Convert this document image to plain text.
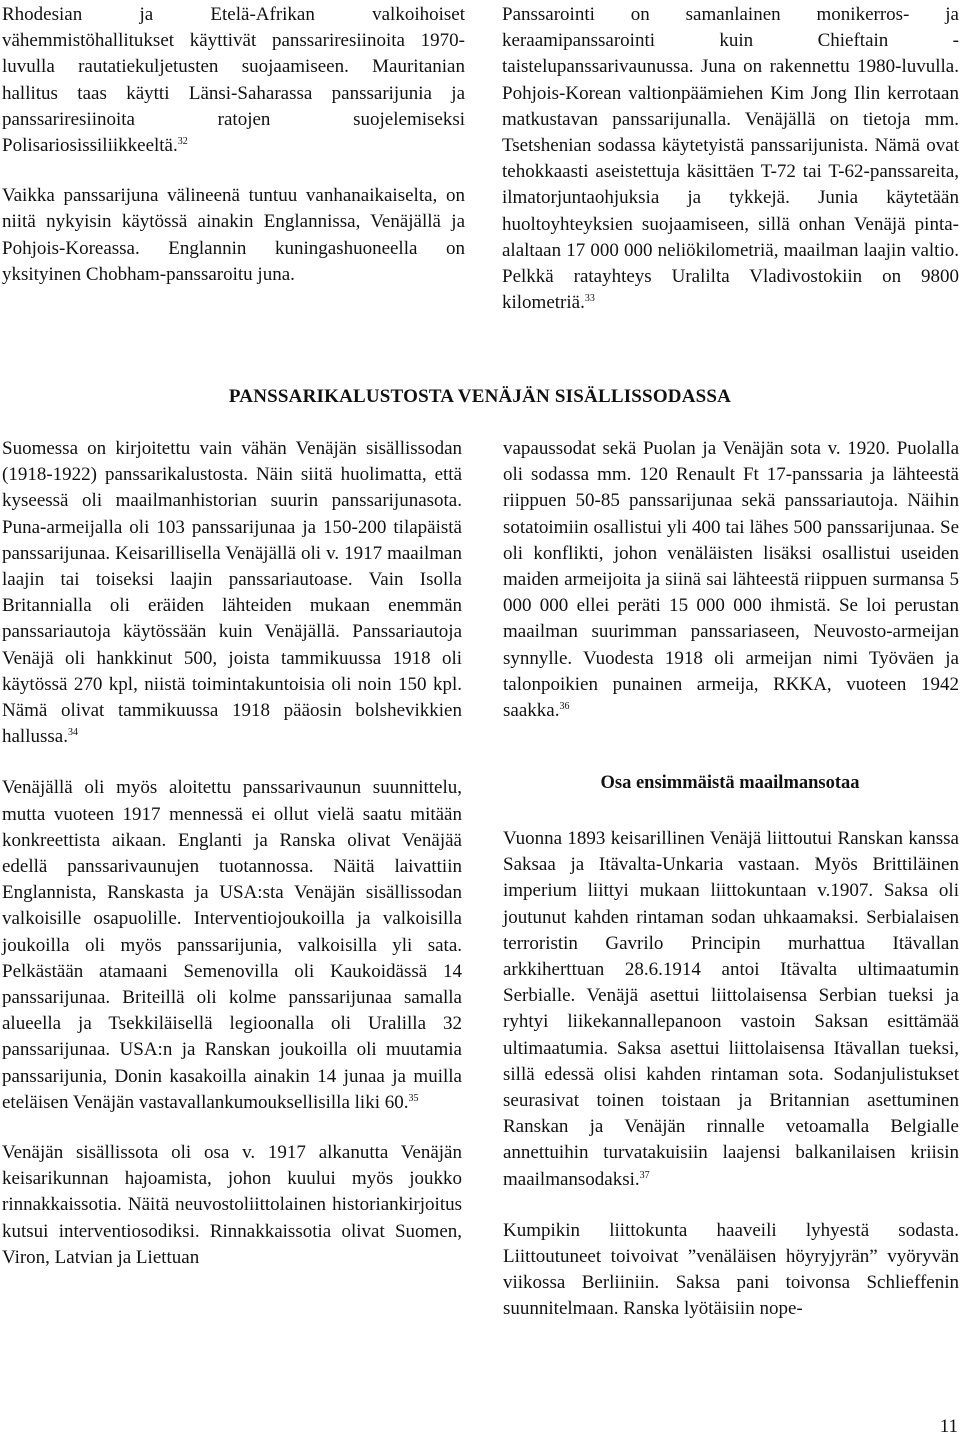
Rhodesian ja Etelä-Afrikan valkoihoiset vähemmistöhallitukset käyttivät panssariresiinoita 1970-luvulla rautatiekuljetusten suojaamiseen. Mauritanian hallitus taas käytti Länsi-Saharassa panssarijunia ja panssariresiinoita ratojen suojelemiseksi Polisariosissiliikkeeltä.$^{32}$

Vaikka panssarijuna välineenä tuntuu vanhanaikaiselta, on niitä nykyisin käytössä ainakin Englannissa, Venäjällä ja Pohjois-Koreassa. Englannin kuningashuoneella on yksityinen Chobham-panssaroitu juna.

Panssarointi on samanlainen monikerros- ja keraamipanssarointi kuin Chieftain - taistelupanssarivaunussa. Juna on rakennettu 1980-luvulla. Pohjois-Korean valtionpäämiehen Kim Jong Ilin kerrotaan matkustavan panssarijunalla. Venäjällä on tietoja mm. Tsetshenian sodassa käytetyistä panssarijunista. Nämä ovat tehokkaasti aseistettuja käsittäen T-72 tai T-62-panssareita, ilmatorjuntaohjuksia ja tykkejä. Junia käytetään huoltoyhteyksien suojaamiseen, sillä onhan Venäjä pinta-alaltaan 17 000 000 neliökilometriä, maailman laajin valtio. Pelkkä ratayhteys Uralilta Vladivostokiin on 9800 kilometriä.$^{33}$

PANSSARIKALUSTOSTA VENÄJÄN SISÄLLISSODASSA

Suomessa on kirjoitettu vain vähän Venäjän sisällissodan (1918-1922) panssarikalustosta. Näin siitä huolimatta, että kyseessä oli maailmanhistorian suurin panssarijunasota. Puna-armeijalla oli 103 panssarijunaa ja 150-200 tilapäistä panssarijunaa. Keisarillisella Venäjällä oli v. 1917 maailman laajin tai toiseksi laajin panssariautoase. Vain Isolla Britannialla oli eräiden lähteiden mukaan enemmän panssariautoja käytössään kuin Venäjällä. Panssariautoja Venäjä oli hankkinut 500, joista tammikuussa 1918 oli käytössä 270 kpl, niistä toimintakuntoisia oli noin 150 kpl. Nämä olivat tammikuussa 1918 pääosin bolshevikkien hallussa.$^{34}$

Venäjällä oli myös aloitettu panssarivaunun suunnittelu, mutta vuoteen 1917 mennessä ei ollut vielä saatu mitään konkreettista aikaan. Englanti ja Ranska olivat Venäjää edellä panssarivaunujen tuotannossa. Näitä laivattiin Englannista, Ranskasta ja USA:sta Venäjän sisällissodan valkoisille osapuolille. Interventiojoukoilla ja valkoisilla joukoilla oli myös panssarijunia, valkoisilla yli sata. Pelkästään atamaani Semenovilla oli Kaukoidässä 14 panssarijunaa. Briteillä oli kolme panssarijunaa samalla alueella ja Tsekkiläisellä legioonalla oli Uralilla 32 panssarijunaa. USA:n ja Ranskan joukoilla oli muutamia panssarijunia, Donin kasakoilla ainakin 14 junaa ja muilla eteläisen Venäjän vastavallankumouksellisilla liki 60.35

Venäjän sisällissota oli osa v. 1917 alkanutta Venäjän keisarikunnan hajoamista, johon kuului myös joukko rinnakkaissotia. Näitä neuvostoliittolainen historiankirjoitus kutsui interventiosodiksi. Rinnakkaissotia olivat Suomen, Viron, Latvian ja Liettuan

vapaussodat sekä Puolan ja Venäjän sota v. 1920. Puolalla oli sodassa mm. 120 Renault Ft 17-panssaria ja lähteestä riippuen 50-85 panssarijunaa sekä panssariautoja. Näihin sotatoimiin osallistui yli 400 tai lähes 500 panssarijunaa. Se oli konflikti, johon venäläisten lisäksi osallistui useiden maiden armeijoita ja siinä sai lähteestä riippuen surmansa 5 000 000 ellei peräti 15 000 000 ihmistä. Se loi perustan maailman suurimman panssariaseen, Neuvosto-armeijan synnylle. Vuodesta 1918 oli armeijan nimi Työväen ja talonpoikien punainen armeija, RKKA, vuoteen 1942 saakka.$^{36}$

Osa ensimmäistä maailmansotaa

Vuonna 1893 keisarillinen Venäjä liittoutui Ranskan kanssa Saksaa ja Itävalta-Unkaria vastaan. Myös Brittiläinen imperium liittyi mukaan liittokuntaan v.1907. Saksa oli joutunut kahden rintaman sodan uhkaamaksi. Serbialaisen terroristin Gavrilo Principin murhattua Itävallan arkkiherttuan 28.6.1914 antoi Itävalta ultimaatumin Serbialle. Venäjä asettui liittolaisensa Serbian tueksi ja ryhtyi liikekannallepanoon vastoin Saksan esittämää ultimaatumia. Saksa asettui liittolaisensa Itävallan tueksi, sillä edessä olisi kahden rintaman sota. Sodanjulistukset seurasivat toinen toistaan ja Britannian asettuminen Ranskan ja Venäjän rinnalle vetoamalla Belgialle annettuihin turvatakuisiin laajensi balkanilaisen kriisin maailmansodaksi.$^{37}$

Kumpikin liittokunta haaveili lyhyestä sodasta. Liittoutuneet toivoivat ”venäläisen höyryjyrän” vyöryvän viikossa Berliiniin. Saksa pani toivonsa Schlieffenin suunnitelmaan. Ranska lyötäisiin nope-

11
